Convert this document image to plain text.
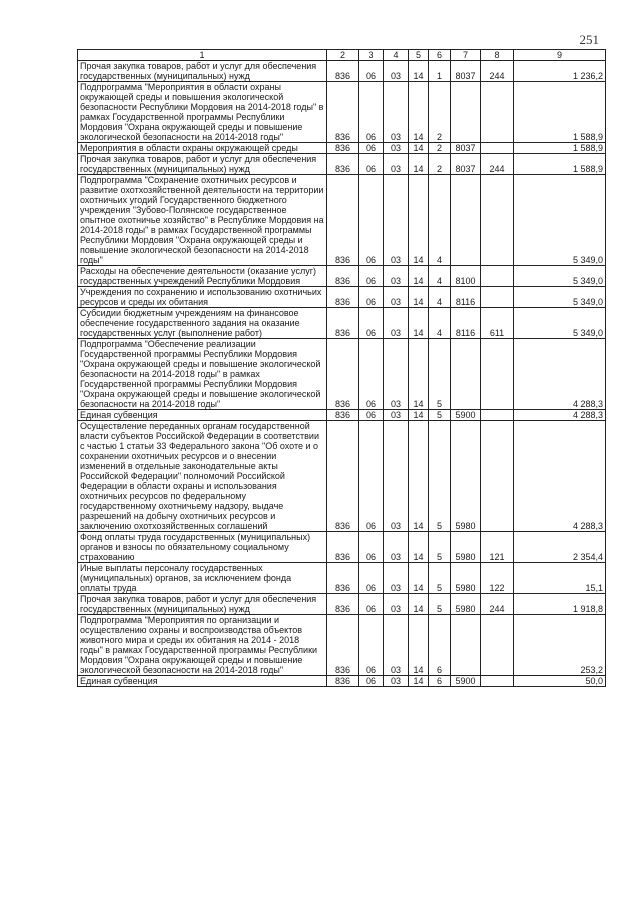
251
1	2	3	4	5	6	7	8	9
Прочая закупка товаров, работ и услуг для обеспечения государственных (муниципальных) нужд	836	06	03	14	1	8037	244	1 236,2
Подпрограмма "Мероприятия в области охраны окружающей среды и повышения экологической безопасности Республики Мордовия на 2014-2018 годы" в рамках Государственной программы Республики Мордовия "Охрана окружающей среды и повышение экологической безопасности на 2014-2018 годы"	836	06	03	14	2			1 588,9
Мероприятия в области охраны окружающей среды	836	06	03	14	2	8037		1 588,9
Прочая закупка товаров, работ и услуг для обеспечения государственных (муниципальных) нужд	836	06	03	14	2	8037	244	1 588,9
Подпрограмма "Сохранение охотничьих ресурсов и развитие охотхозяйственной деятельности на территории охотничьих угодий Государственного бюджетного учреждения "Зубово-Полянское государственное опытное охотничье хозяйство" в Республике Мордовия на 2014-2018 годы" в рамках Государственной программы Республики Мордовия "Охрана окружающей среды и повышение экологической безопасности на 2014-2018 годы"	836	06	03	14	4			5 349,0
Расходы на обеспечение деятельности (оказание услуг) государственных учреждений Республики Мордовия	836	06	03	14	4	8100		5 349,0
Учреждения по сохранению и использованию охотничьих ресурсов и среды их обитания	836	06	03	14	4	8116		5 349,0
Субсидии бюджетным учреждениям на финансовое обеспечение государственного задания на оказание государственных услуг (выполнение работ)	836	06	03	14	4	8116	611	5 349,0
Подпрограмма "Обеспечение реализации Государственной программы Республики Мордовия "Охрана окружающей среды и повышение экологической безопасности на 2014-2018 годы" в рамках Государственной программы Республики Мордовия "Охрана окружающей среды и повышение экологической безопасности на 2014-2018 годы"	836	06	03	14	5			4 288,3
Единая субвенция	836	06	03	14	5	5900		4 288,3
Осуществление переданных органам государственной власти субъектов Российской Федерации в соответствии с частью 1 статьи 33 Федерального закона "Об охоте и о сохранении охотничьих ресурсов и о внесении изменений в отдельные законодательные акты Российской Федерации" полномочий Российской Федерации в области охраны и использования охотничьих ресурсов по федеральному государственному охотничьему надзору, выдаче разрешений на добычу охотничьих ресурсов и заключению охотхозяйственных соглашений	836	06	03	14	5	5980		4 288,3
Фонд оплаты труда государственных (муниципальных) органов и взносы по обязательному социальному страхованию	836	06	03	14	5	5980	121	2 354,4
Иные выплаты персоналу государственных (муниципальных) органов, за исключением фонда оплаты труда	836	06	03	14	5	5980	122	15,1
Прочая закупка товаров, работ и услуг для обеспечения государственных (муниципальных) нужд	836	06	03	14	5	5980	244	1 918,8
Подпрограмма "Мероприятия по организации и осуществлению охраны и воспроизводства объектов животного мира и среды их обитания на 2014 - 2018 годы" в рамках Государственной программы Республики Мордовия "Охрана окружающей среды и повышение экологической безопасности на 2014-2018 годы"	836	06	03	14	6			253,2
Единая субвенция	836	06	03	14	6	5900		50,0
